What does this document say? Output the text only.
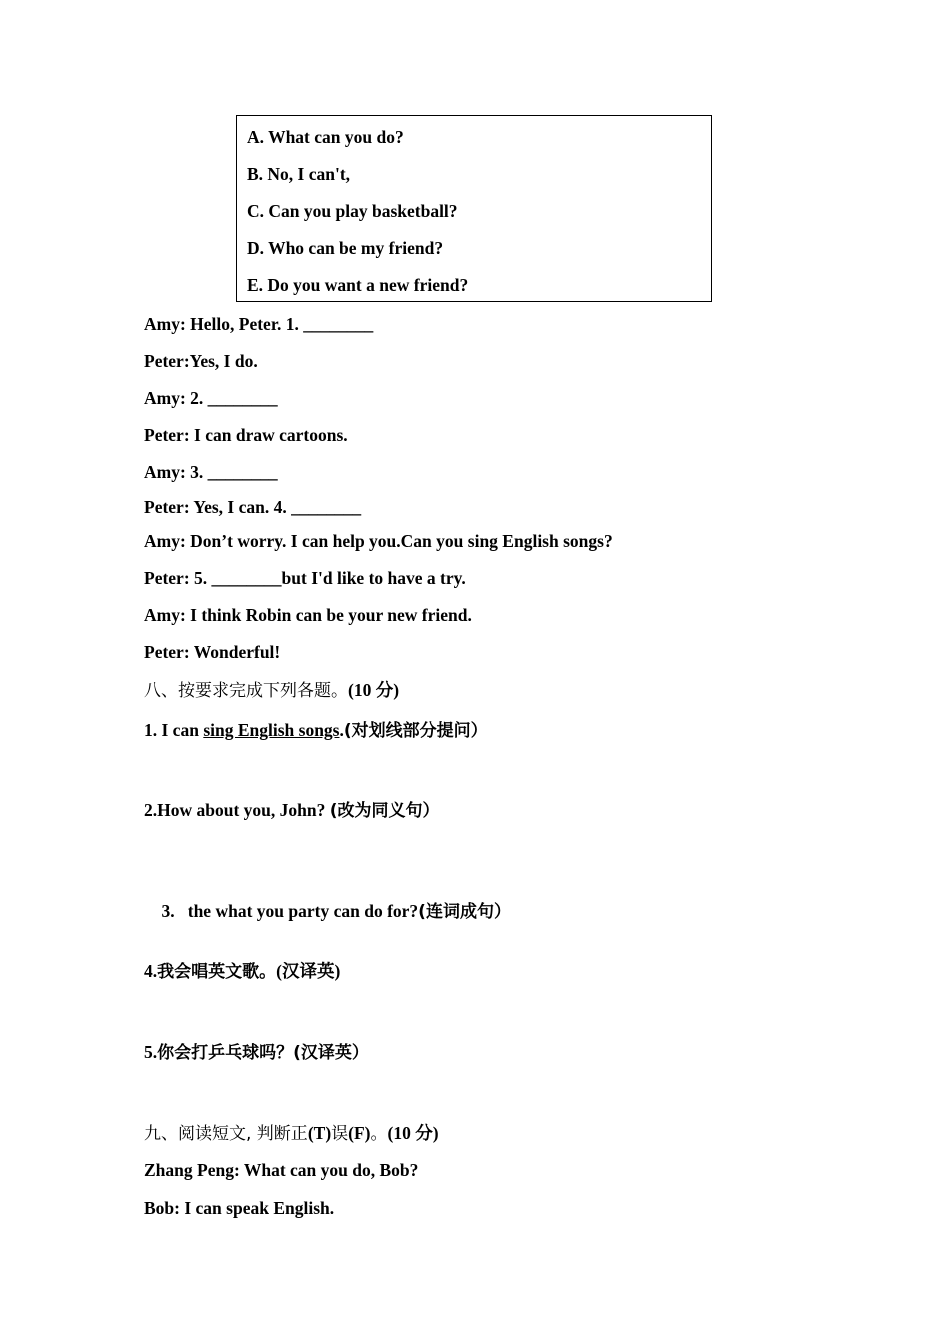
A. What can you do?
B. No, I can't,
C. Can you play basketball?
D. Who can be my friend?
E. Do you want a new friend?
Amy: Hello, Peter. 1. ________
Peter:Yes, I do.
Amy: 2. ________
Peter: I can draw cartoons.
Amy: 3. ________
Peter: Yes, I can. 4. ________
Amy: Don’t worry. I can help you.Can you sing English songs?
Peter: 5. ________but I'd like to have a try.
Amy: I think Robin can be your new friend.
Peter: Wonderful!
八、按要求完成下列各题。(10 分)
1. I can sing English songs.(对划线部分提问）
2.How about you, John? (改为同义句）

3.   the what you party can do for?(连词成句）

4.我会唱英文歌。(汉译英)
5.你会打乒乓球吗？(汉译英）
九、阅读短文, 判断正(T)误(F)。(10 分)
Zhang Peng: What can you do, Bob?
Bob: I can speak English.
